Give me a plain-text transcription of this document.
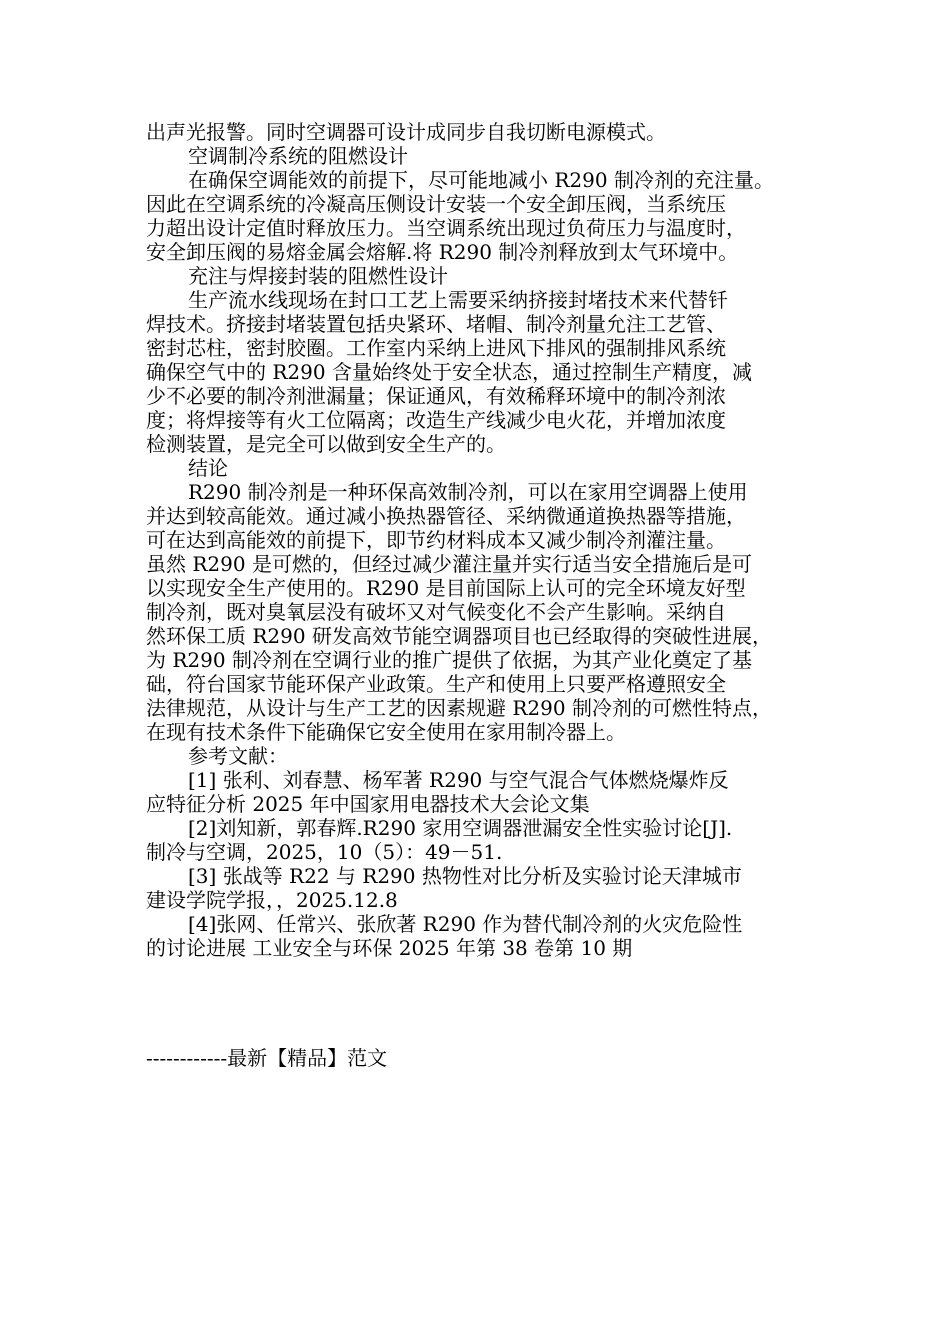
出声光报警。同时空调器可设计成同步自我切断电源模式。
空调制冷系统的阻燃设计
在确保空调能效的前提下，尽可能地减小 R290 制冷剂的充注量。
因此在空调系统的冷凝高压侧设计安装一个安全卸压阀，当系统压
力超出设计定值时释放压力。当空调系统出现过负荷压力与温度时，
安全卸压阀的易熔金属会熔解.将 R290 制冷剂释放到太气环境中。
充注与焊接封装的阻燃性设计
生产流水线现场在封口工艺上需要采纳挤接封堵技术来代替钎
焊技术。挤接封堵装置包括央紧环、堵帽、制冷剂量允注工艺管、
密封芯柱，密封胶圈。工作室内采纳上进风下排风的强制排风系统
确保空气中的 R290 含量始终处于安全状态，通过控制生产精度，减
少不必要的制冷剂泄漏量；保证通风，有效稀释环境中的制冷剂浓
度；将焊接等有火工位隔离；改造生产线减少电火花，并增加浓度
检测装置，是完全可以做到安全生产的。
结论
R290 制冷剂是一种环保高效制冷剂，可以在家用空调器上使用
并达到较高能效。通过减小换热器管径、采纳微通道换热器等措施，
可在达到高能效的前提下，即节约材料成本又减少制冷剂灌注量。
虽然 R290 是可燃的，但经过减少灌注量并实行适当安全措施后是可
以实现安全生产使用的。R290 是目前国际上认可的完全环境友好型
制冷剂，既对臭氧层没有破坏又对气候变化不会产生影响。采纳自
然环保工质 R290 研发高效节能空调器项目也已经取得的突破性进展，
为 R290 制冷剂在空调行业的推广提供了依据，为其产业化奠定了基
础，符台国家节能环保产业政策。生产和使用上只要严格遵照安全
法律规范，从设计与生产工艺的因素规避 R290 制冷剂的可燃性特点，
在现有技术条件下能确保它安全使用在家用制冷器上。
参考文献：
[1] 张利、刘春慧、杨军著 R290 与空气混合气体燃烧爆炸反
应特征分析 2025 年中国家用电器技术大会论文集
[2]刘知新，郭春辉.R290 家用空调器泄漏安全性实验讨论[J].
制冷与空调，2025，10（5）：49－51.
[3] 张战等 R22 与 R290 热物性对比分析及实验讨论天津城市
建设学院学报，，2025.12.8
[4]张网、任常兴、张欣著 R290 作为替代制冷剂的火灾危险性
的讨论进展 工业安全与环保 2025 年第 38 卷第 10 期
------------最新【精品】范文
